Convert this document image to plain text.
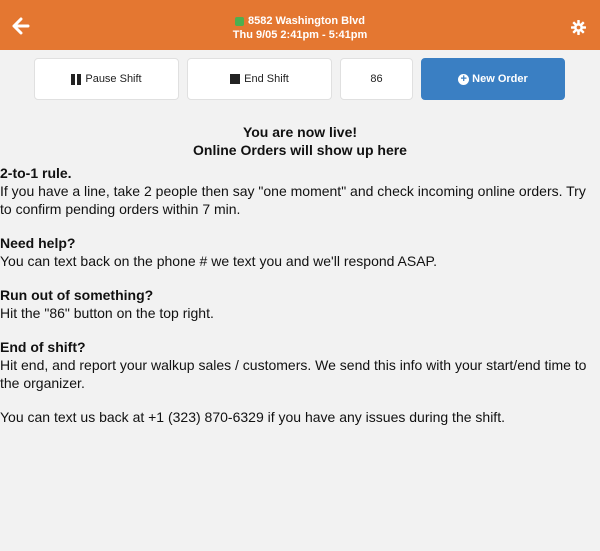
8582 Washington Blvd
Thu 9/05 2:41pm - 5:41pm
Pause Shift	End Shift	86	+ New Order
You are now live!
Online Orders will show up here
2-to-1 rule.

If you have a line, take 2 people then say "one moment" and check incoming online orders. Try

to confirm pending orders within 7 min.

Need help?

You can text back on the phone # we text you and we'll respond ASAP.

Run out of something?

Hit the "86" button on the top right.

End of shift?

Hit end, and report your walkup sales / customers. We send this info with your start/end time to

the organizer.

You can text us back at +1 (323) 870-6329 if you have any issues during the shift.
